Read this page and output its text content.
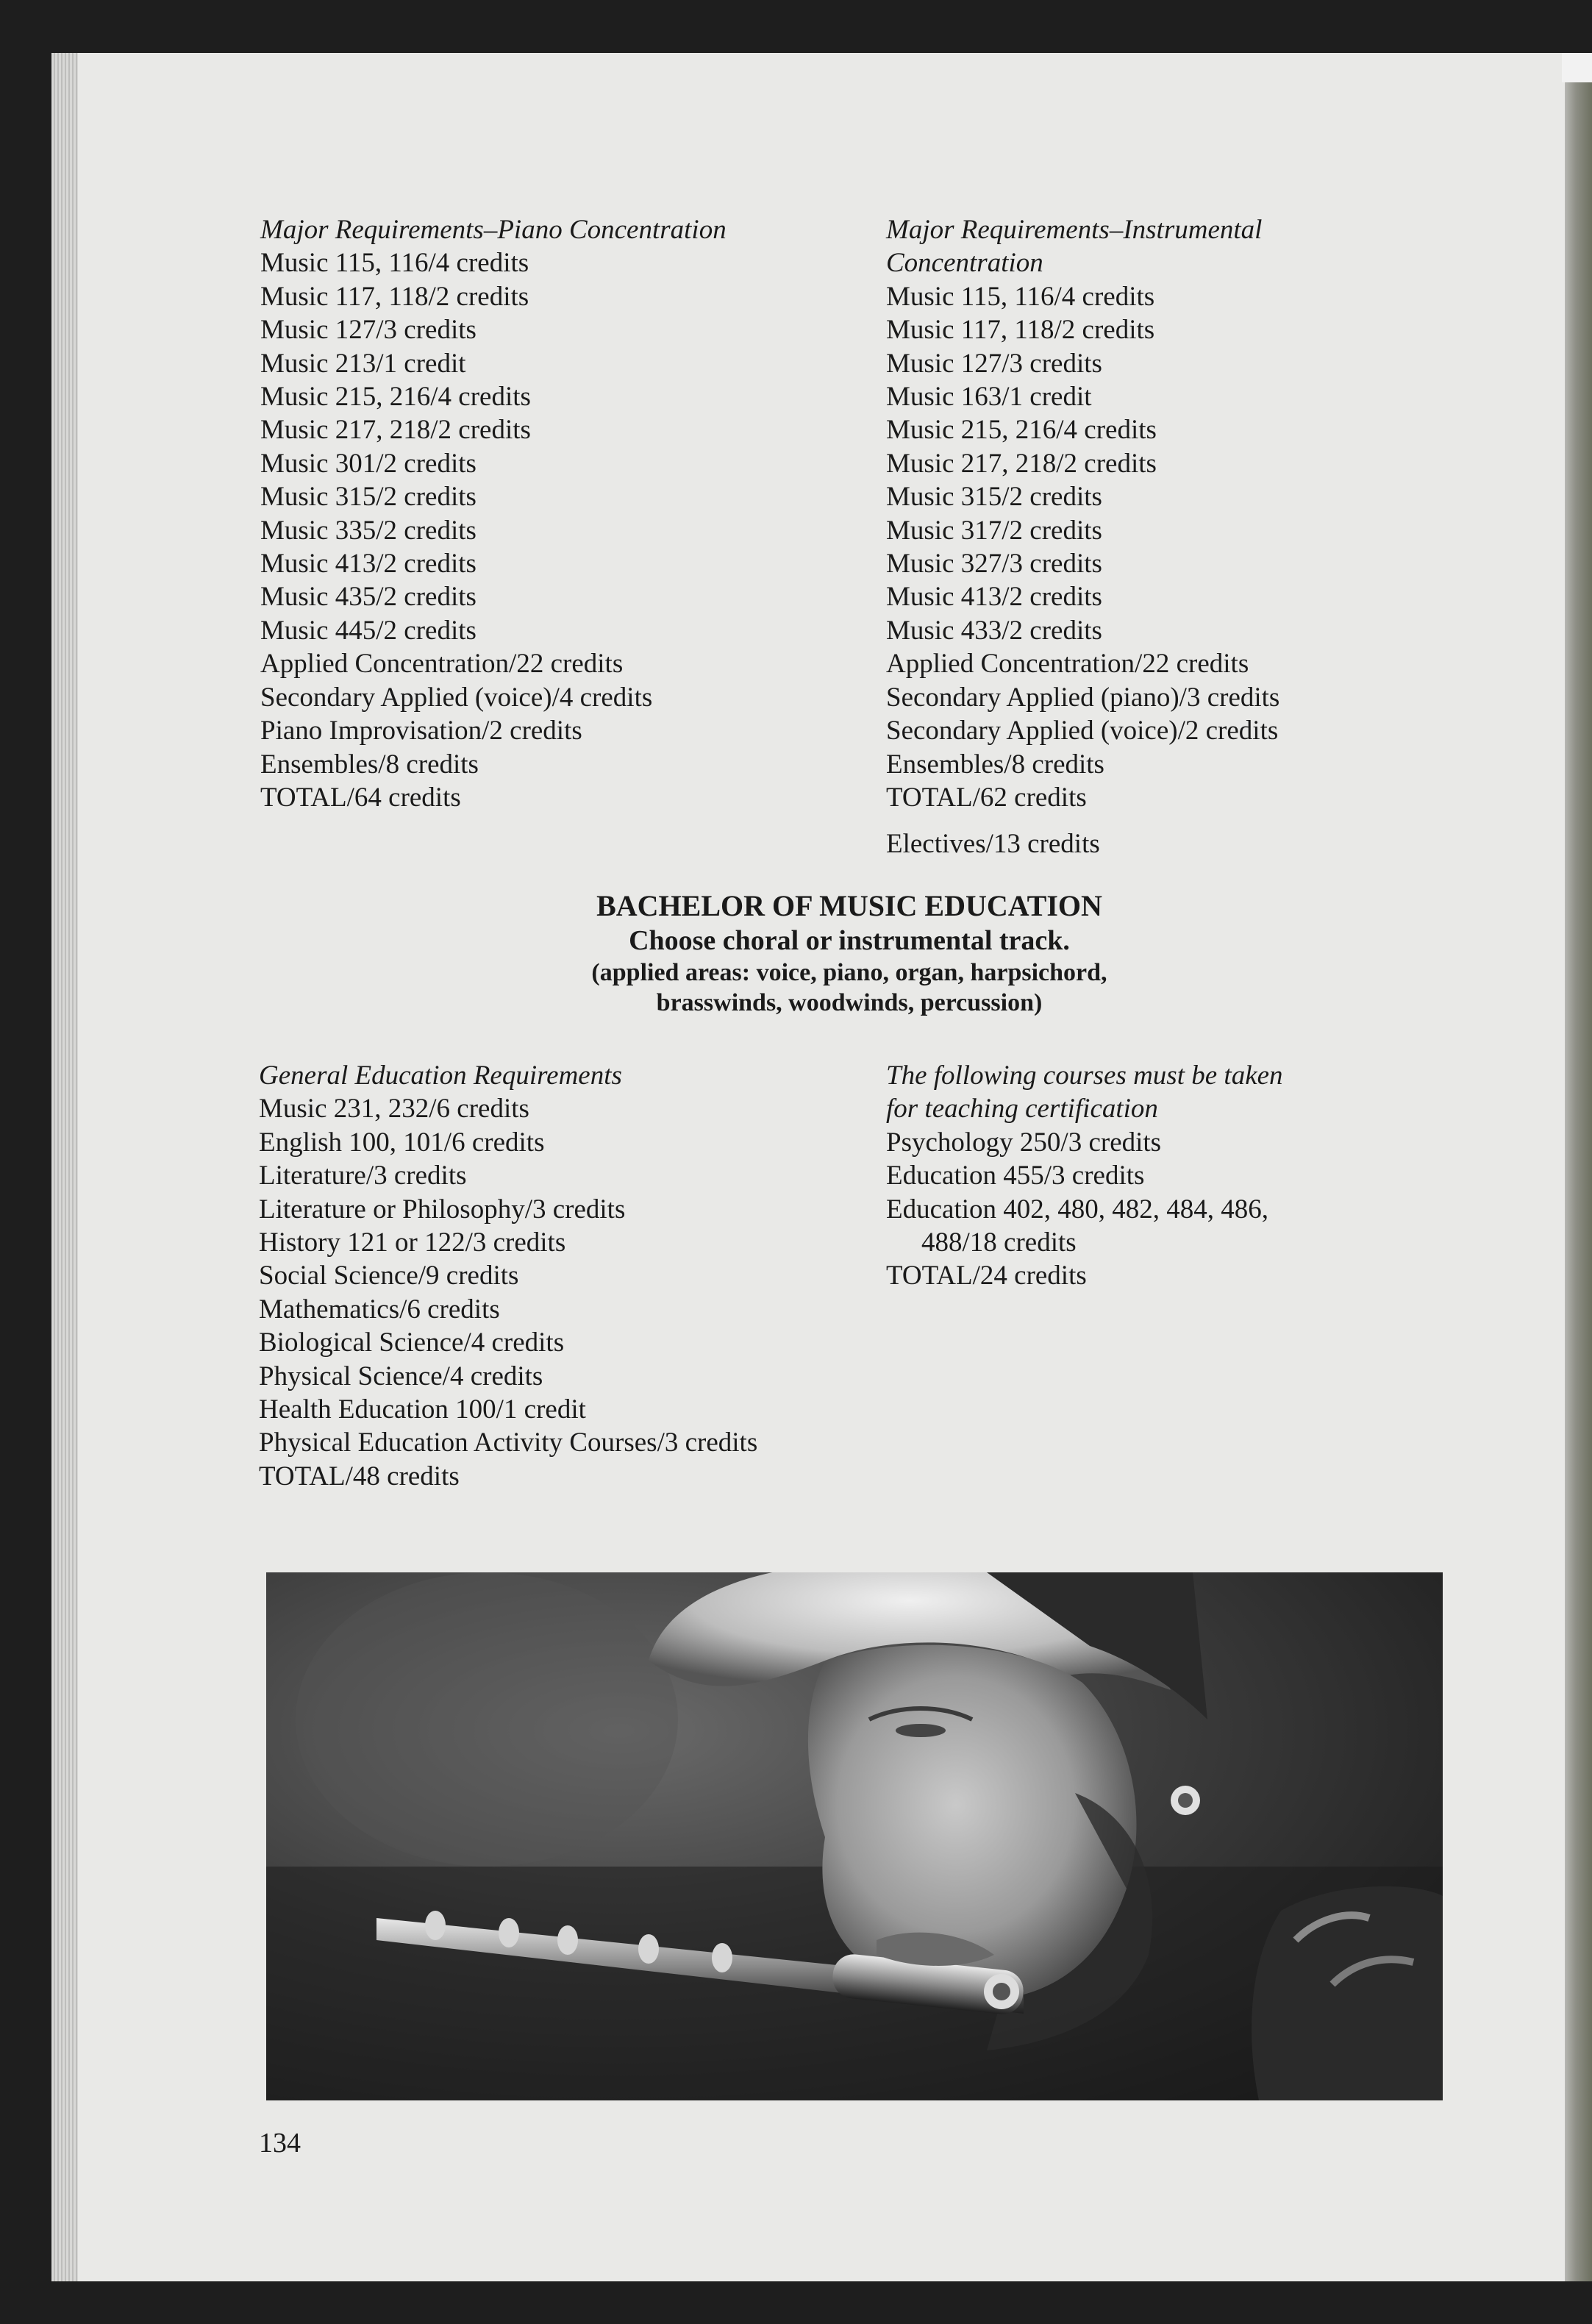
Major Requirements–Piano Concentration
Music 115, 116/4 credits
Music 117, 118/2 credits
Music 127/3 credits
Music 213/1 credit
Music 215, 216/4 credits
Music 217, 218/2 credits
Music 301/2 credits
Music 315/2 credits
Music 335/2 credits
Music 413/2 credits
Music 435/2 credits
Music 445/2 credits
Applied Concentration/22 credits
Secondary Applied (voice)/4 credits
Piano Improvisation/2 credits
Ensembles/8 credits
TOTAL/64 credits
Major Requirements–Instrumental
Concentration
Music 115, 116/4 credits
Music 117, 118/2 credits
Music 127/3 credits
Music 163/1 credit
Music 215, 216/4 credits
Music 217, 218/2 credits
Music 315/2 credits
Music 317/2 credits
Music 327/3 credits
Music 413/2 credits
Music 433/2 credits
Applied Concentration/22 credits
Secondary Applied (piano)/3 credits
Secondary Applied (voice)/2 credits
Ensembles/8 credits
TOTAL/62 credits
Electives/13 credits
BACHELOR OF MUSIC EDUCATION
Choose choral or instrumental track.
(applied areas: voice, piano, organ, harpsichord,
brasswinds, woodwinds, percussion)
General Education Requirements
Music 231, 232/6 credits
English 100, 101/6 credits
Literature/3 credits
Literature or Philosophy/3 credits
History 121 or 122/3 credits
Social Science/9 credits
Mathematics/6 credits
Biological Science/4 credits
Physical Science/4 credits
Health Education 100/1 credit
Physical Education Activity Courses/3 credits
TOTAL/48 credits
The following courses must be taken
for teaching certification
Psychology 250/3 credits
Education 455/3 credits
Education 402, 480, 482, 484, 486,
488/18 credits
TOTAL/24 credits
134
